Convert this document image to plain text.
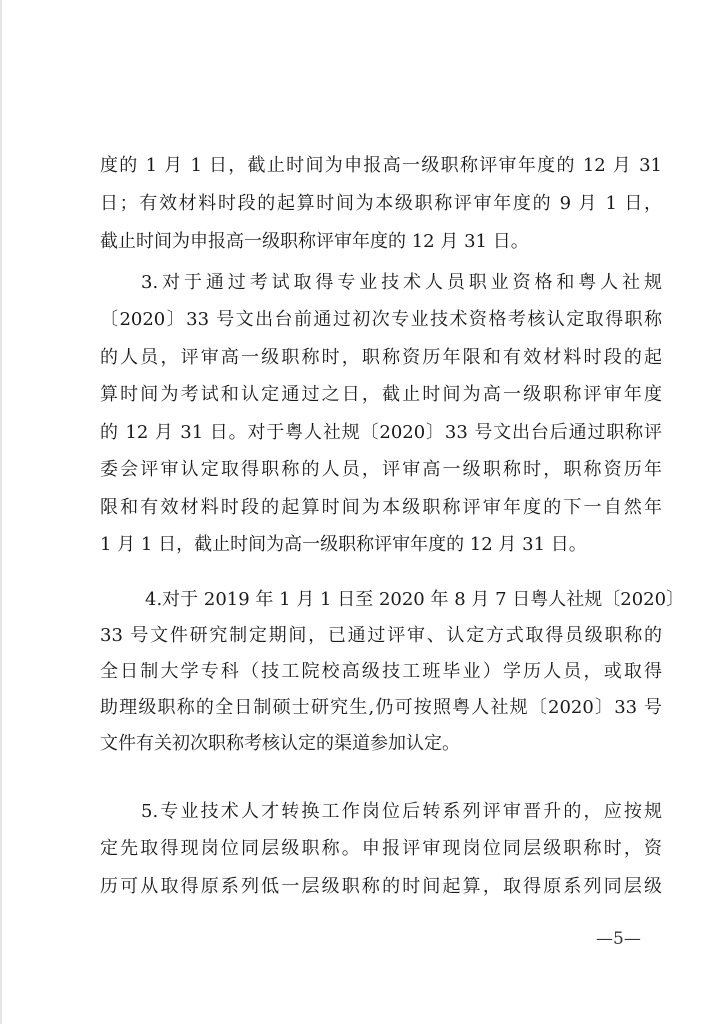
度的 1 月 1 日，截止时间为申报高一级职称评审年度的 12 月 31
日；有效材料时段的起算时间为本级职称评审年度的 9 月 1 日，
截止时间为申报高一级职称评审年度的 12 月 31 日。
3.对于通过考试取得专业技术人员职业资格和粤人社规
〔2020〕33 号文出台前通过初次专业技术资格考核认定取得职称
的人员，评审高一级职称时，职称资历年限和有效材料时段的起
算时间为考试和认定通过之日，截止时间为高一级职称评审年度
的 12 月 31 日。对于粤人社规〔2020〕33 号文出台后通过职称评
委会评审认定取得职称的人员，评审高一级职称时，职称资历年
限和有效材料时段的起算时间为本级职称评审年度的下一自然年
1 月 1 日，截止时间为高一级职称评审年度的 12 月 31 日。
4.对于 2019 年 1 月 1 日至 2020 年 8 月 7 日粤人社规〔2020〕
33 号文件研究制定期间，已通过评审、认定方式取得员级职称的
全日制大学专科（技工院校高级技工班毕业）学历人员，或取得
助理级职称的全日制硕士研究生,仍可按照粤人社规〔2020〕33 号
文件有关初次职称考核认定的渠道参加认定。
5.专业技术人才转换工作岗位后转系列评审晋升的，应按规
定先取得现岗位同层级职称。申报评审现岗位同层级职称时，资
历可从取得原系列低一层级职称的时间起算，取得原系列同层级
—5—
